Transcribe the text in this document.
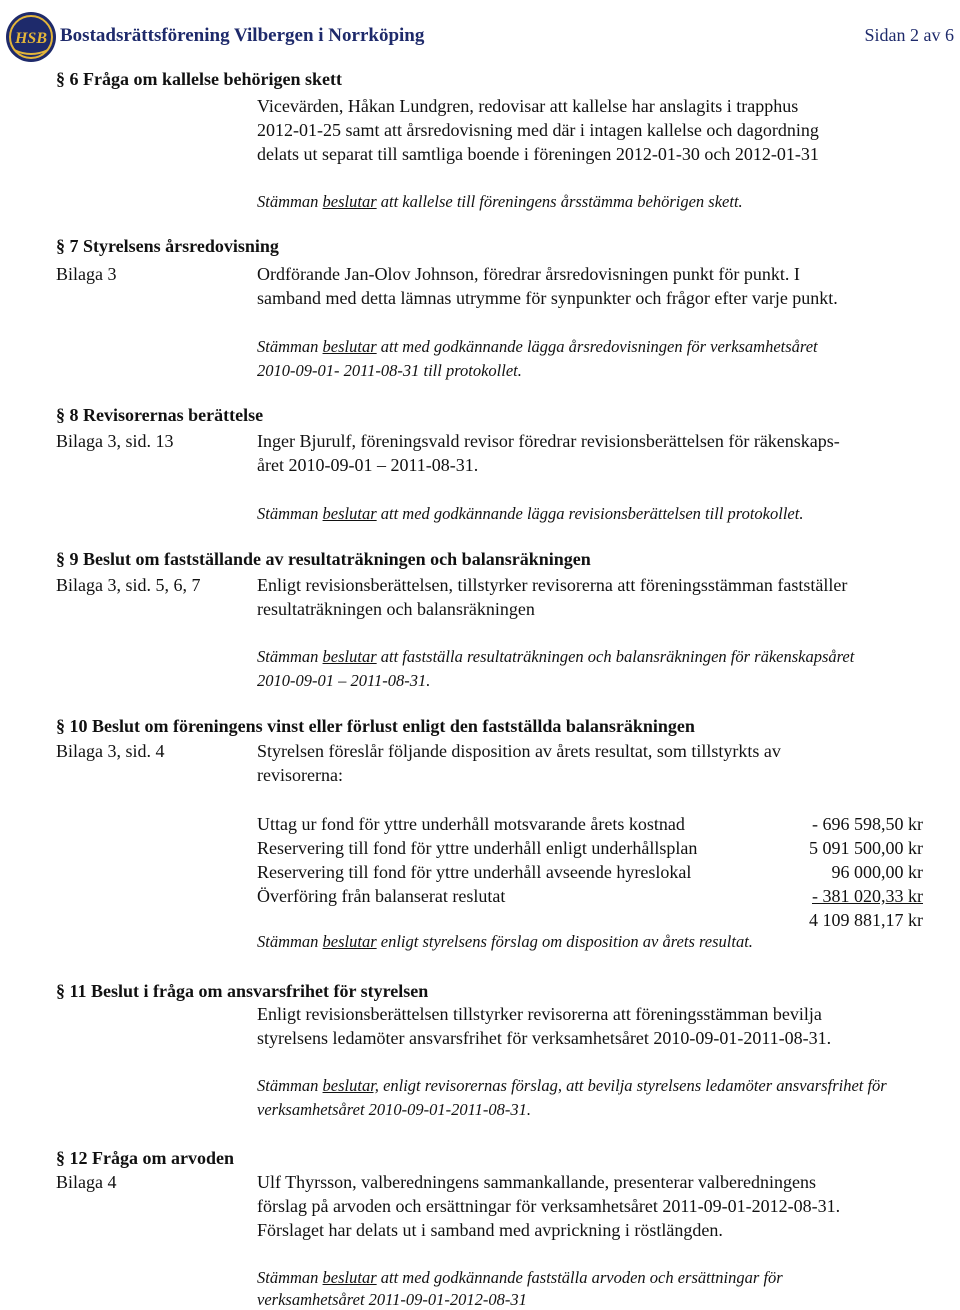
HSB Bostadsrättsförening Vilbergen i Norrköping	Sidan 2 av 6
§ 6 Fråga om kallelse behörigen skett
Vicevärden, Håkan Lundgren, redovisar att kallelse har anslagits i trapphus
2012-01-25 samt att årsredovisning med där i intagen kallelse och dagordning
delats ut separat till samtliga boende i föreningen 2012-01-30 och 2012-01-31
Stämman beslutar att kallelse till föreningens årsstämma behörigen skett.
§ 7 Styrelsens årsredovisning
Bilaga 3	Ordförande Jan-Olov Johnson, föredrar årsredovisningen punkt för punkt. I
samband med detta lämnas utrymme för synpunkter och frågor efter varje punkt.
Stämman beslutar att med godkännande lägga årsredovisningen för verksamhetsåret
2010-09-01- 2011-08-31 till protokollet.
§ 8 Revisorernas berättelse
Bilaga 3, sid. 13	Inger Bjurulf, föreningsvald revisor föredrar revisionsberättelsen för räkenskaps-
året 2010-09-01 – 2011-08-31.
Stämman beslutar att med godkännande lägga revisionsberättelsen till protokollet.
§ 9 Beslut om fastställande av resultaträkningen och balansräkningen
Bilaga 3, sid. 5, 6, 7	Enligt revisionsberättelsen, tillstyrker revisorerna att föreningsstämman fastställer
resultaträkningen och balansräkningen
Stämman beslutar att fastställa resultaträkningen och balansräkningen för räkenskapsåret
2010-09-01 – 2011-08-31.
§ 10 Beslut om föreningens vinst eller förlust enligt den fastställda balansräkningen
Bilaga 3, sid. 4	Styrelsen föreslår följande disposition av årets resultat, som tillstyrkts av
revisorerna:
Uttag ur fond för yttre underhåll motsvarande årets kostnad	- 696 598,50 kr
Reservering till fond för yttre underhåll enligt underhållsplan	5 091 500,00 kr
Reservering till fond för yttre underhåll avseende hyreslokal	96 000,00 kr
Överföring från balanserat reslutat	- 381 020,33 kr
4 109 881,17 kr
Stämman beslutar enligt styrelsens förslag om disposition av årets resultat.
§ 11 Beslut i fråga om ansvarsfrihet för styrelsen
Enligt revisionsberättelsen tillstyrker revisorerna att föreningsstämman bevilja
styrelsens ledamöter ansvarsfrihet för verksamhetsåret 2010-09-01-2011-08-31.
Stämman beslutar, enligt revisorernas förslag, att bevilja styrelsens ledamöter ansvarsfrihet för
verksamhetsåret 2010-09-01-2011-08-31.
§ 12 Fråga om arvoden
Bilaga 4	Ulf Thyrsson, valberedningens sammankallande, presenterar valberedningens
förslag på arvoden och ersättningar för verksamhetsåret 2011-09-01-2012-08-31.
Förslaget har delats ut i samband med avprickning i röstlängden.
Stämman beslutar att med godkännande fastställa arvoden och ersättningar för
verksamhetsåret 2011-09-01-2012-08-31
